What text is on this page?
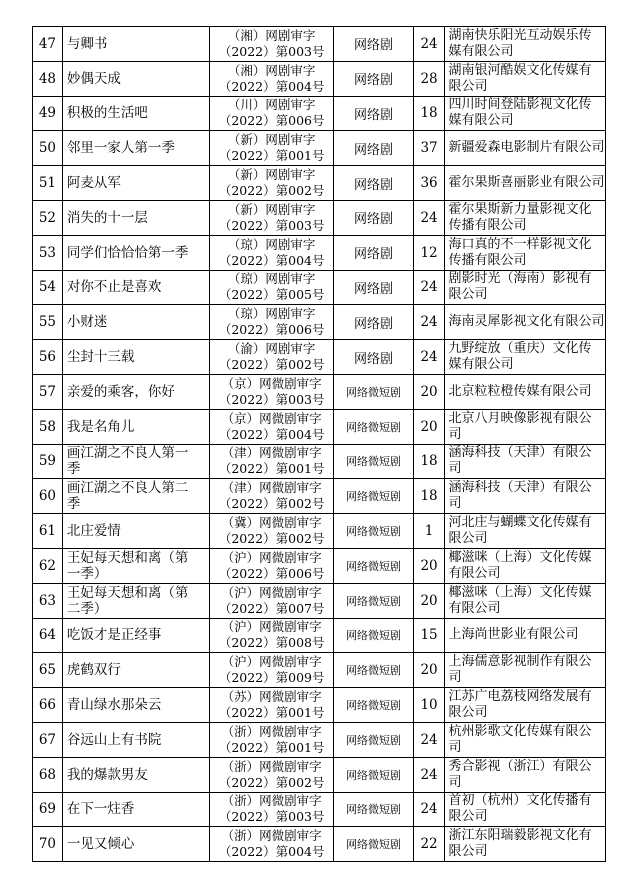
47	与卿书	（湘）网剧审字
（2022）第003号	网络剧	24	湖南快乐阳光互动娱乐传
媒有限公司

48	妙偶天成	（湘）网剧审字
（2022）第004号	网络剧	28	湖南银河酷娱文化传媒有
限公司

49	积极的生活吧	（川）网剧审字
（2022）第006号	网络剧	18	四川时间登陆影视文化传
媒有限公司

50	邻里一家人第一季	（新）网剧审字
（2022）第001号	网络剧	37	新疆爱森电影制片有限公司

51	阿麦从军	（新）网剧审字
（2022）第002号	网络剧	36	霍尔果斯喜丽影业有限公司

52	消失的十一层	（新）网剧审字
（2022）第003号	网络剧	24	霍尔果斯新力量影视文化
传播有限公司

53	同学们恰恰恰第一季	（琼）网剧审字
（2022）第004号	网络剧	12	海口真的不一样影视文化
传播有限公司

54	对你不止是喜欢	（琼）网剧审字
（2022）第005号	网络剧	24	剧影时光（海南）影视有
限公司

55	小财迷	（琼）网剧审字
（2022）第006号	网络剧	24	海南灵犀影视文化有限公司

56	尘封十三载	（渝）网剧审字
（2022）第002号	网络剧	24	九野绽放（重庆）文化传
媒有限公司

57	亲爱的乘客，你好	（京）网微剧审字
（2022）第003号	网络微短剧	20	北京粒粒橙传媒有限公司

58	我是名角儿	（京）网微剧审字
（2022）第004号	网络微短剧	20	北京八月映像影视有限公
司

59	画江湖之不良人第一
季	（津）网微剧审字
（2022）第001号	网络微短剧	18	涵海科技（天津）有限公
司

60	画江湖之不良人第二
季	（津）网微剧审字
（2022）第002号	网络微短剧	18	涵海科技（天津）有限公
司

61	北庄爱情	（冀）网微剧审字
（2022）第002号	网络微短剧	1	河北庄与蝴蝶文化传媒有
限公司

62	王妃每天想和离（第
一季）	（沪）网微剧审字
（2022）第006号	网络微短剧	20	椰滋咪（上海）文化传媒
有限公司

63	王妃每天想和离（第
二季）	（沪）网微剧审字
（2022）第007号	网络微短剧	20	椰滋咪（上海）文化传媒
有限公司

64	吃饭才是正经事	（沪）网微剧审字
（2022）第008号	网络微短剧	15	上海尚世影业有限公司

65	虎鹤双行	（沪）网微剧审字
（2022）第009号	网络微短剧	20	上海儒意影视制作有限公
司

66	青山绿水那朵云	（苏）网微剧审字
（2022）第001号	网络微短剧	10	江苏广电荔枝网络发展有
限公司

67	谷远山上有书院	（浙）网微剧审字
（2022）第001号	网络微短剧	24	杭州影歌文化传媒有限公
司

68	我的爆款男友	（浙）网微剧审字
（2022）第002号	网络微短剧	24	秀合影视（浙江）有限公
司

69	在下一炷香	（浙）网微剧审字
（2022）第003号	网络微短剧	24	首初（杭州）文化传播有
限公司

70	一见又倾心	（浙）网微剧审字
（2022）第004号	网络微短剧	22	浙江东阳瑞毅影视文化有
限公司
